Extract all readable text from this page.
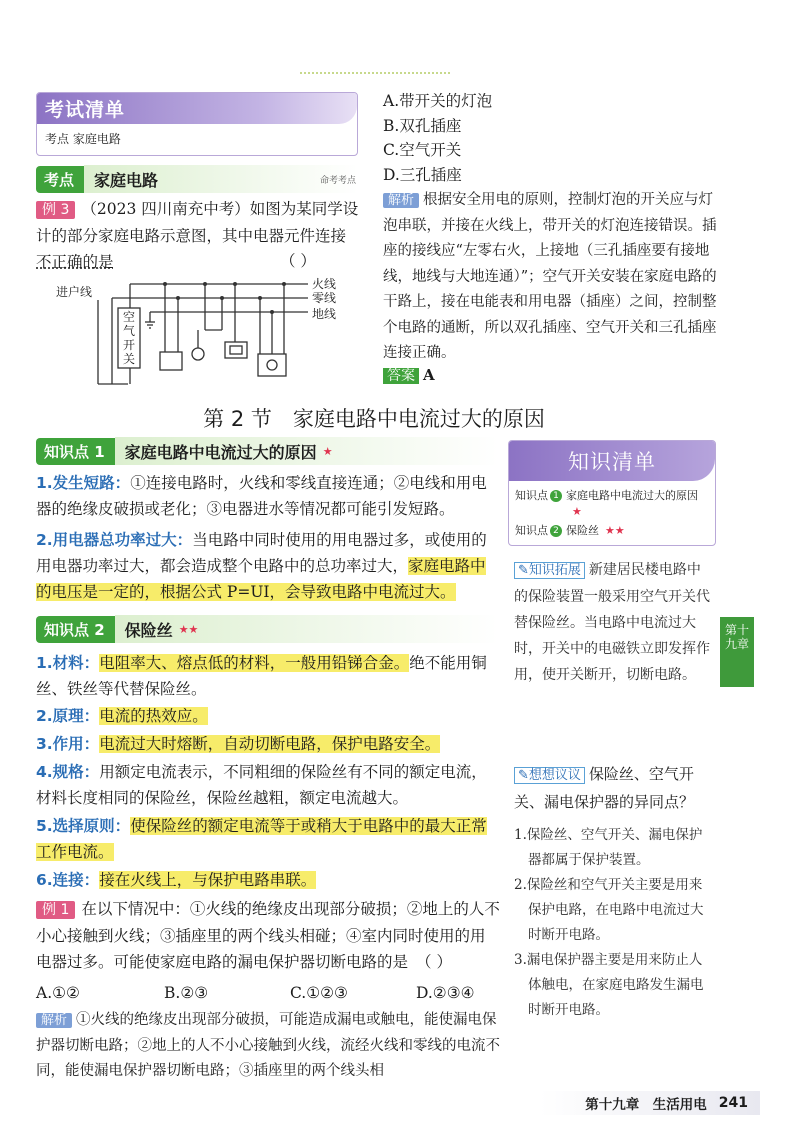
考试清单
考点 家庭电路
考点	家庭电路	命考考点
例 3 （2023 四川南充中考）如图为某同学设计的部分家庭电路示意图，其中电器元件连接
不正确的是	（ ）
进户线
火线
零线
地线
空气开关
A.带开关的灯泡
B.双孔插座
C.空气开关
D.三孔插座
解析 根据安全用电的原则，控制灯泡的开关应与灯泡串联，并接在火线上，带开关的灯泡连接错误。插座的接线应“左零右火，上接地（三孔插座要有接地线，地线与大地连通）”；空气开关安装在家庭电路的干路上，接在电能表和用电器（插座）之间，控制整个电路的通断，所以双孔插座、空气开关和三孔插座连接正确。
答案 A
第 2 节　家庭电路中电流过大的原因
知识点 1	家庭电路中电流过大的原因 ★
1.发生短路：①连接电路时，火线和零线直接连通；②电线和用电器的绝缘皮破损或老化；③电器进水等情况都可能引发短路。
2.用电器总功率过大：当电路中同时使用的用电器过多，或使用的用电器功率过大，都会造成整个电路中的总功率过大，家庭电路中的电压是一定的，根据公式 P=UI，会导致电路中电流过大。
知识点 2	保险丝 ★★
1.材料：电阻率大、熔点低的材料，一般用铅锑合金。绝不能用铜丝、铁丝等代替保险丝。
2.原理：电流的热效应。
3.作用：电流过大时熔断，自动切断电路，保护电路安全。
4.规格：用额定电流表示，不同粗细的保险丝有不同的额定电流，材料长度相同的保险丝，保险丝越粗，额定电流越大。
5.选择原则：使保险丝的额定电流等于或稍大于电路中的最大正常工作电流。
6.连接：接在火线上，与保护电路串联。
例 1 在以下情况中：①火线的绝缘皮出现部分破损；②地上的人不小心接触到火线；③插座里的两个线头相碰；④室内同时使用的用电器过多。可能使家庭电路的漏电保护器切断电路的是 （ ）
A.①②	B.②③	C.①②③	D.②③④
解析 ①火线的绝缘皮出现部分破损，可能造成漏电或触电，能使漏电保护器切断电路；②地上的人不小心接触到火线，流经火线和零线的电流不同，能使漏电保护器切断电路；③插座里的两个线头相
知识清单
知识点 1 家庭电路中电流过大的原因★
知识点 2 保险丝 ★★
✎知识拓展 新建居民楼电路中的保险装置一般采用空气开关代替保险丝。当电路中电流过大时，开关中的电磁铁立即发挥作用，使开关断开，切断电路。
✎想想议议 保险丝、空气开关、漏电保护器的异同点？
1.保险丝、空气开关、漏电保护器都属于保护装置。
2.保险丝和空气开关主要是用来保护电路，在电路中电流过大时断开电路。
3.漏电保护器主要是用来防止人体触电，在家庭电路发生漏电时断开电路。
第十九章
第十九章　生活用电 241
